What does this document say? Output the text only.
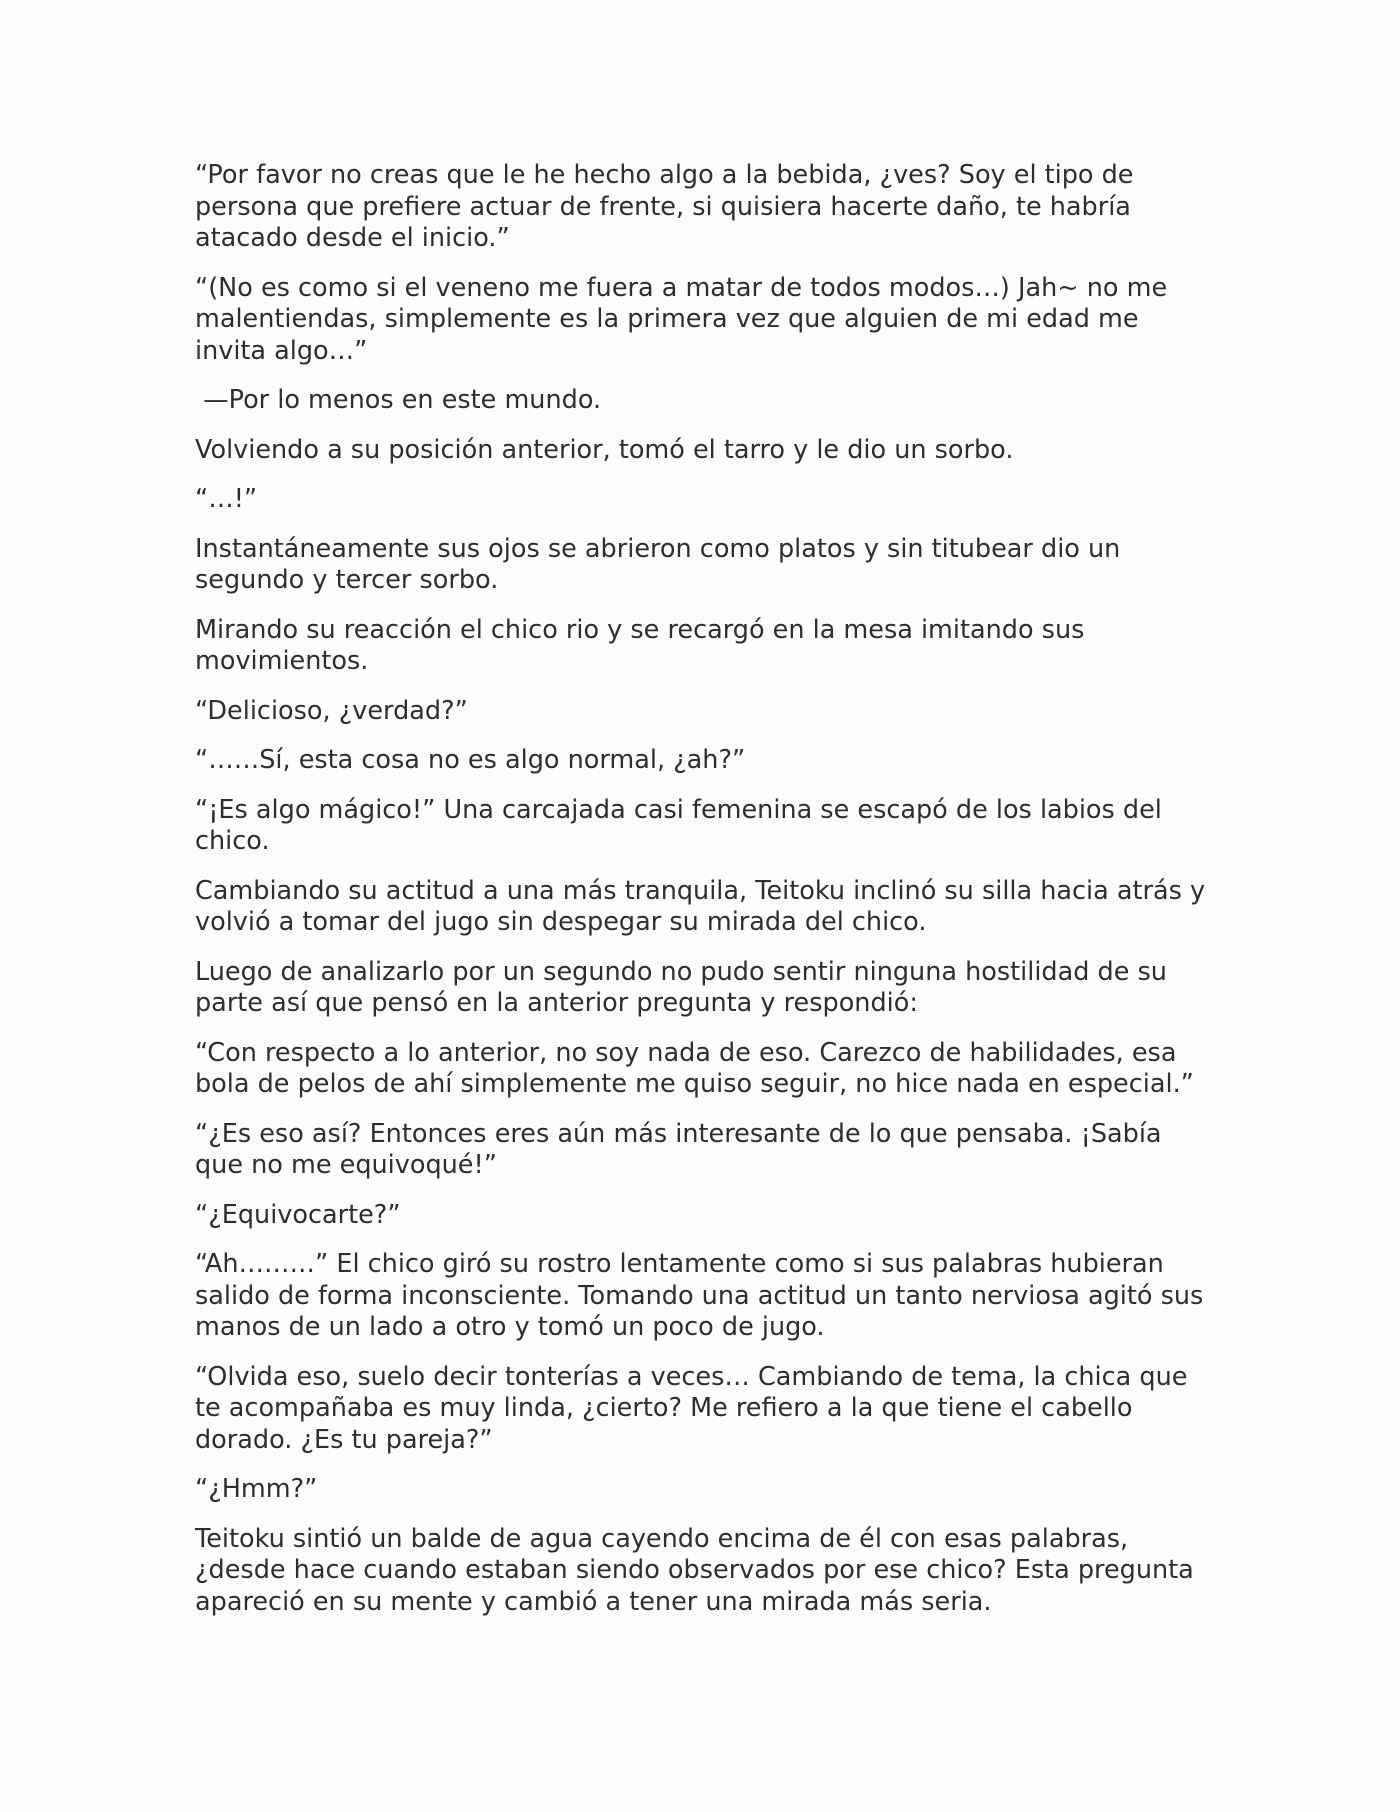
“Por favor no creas que le he hecho algo a la bebida, ¿ves? Soy el tipo de persona que prefiere actuar de frente, si quisiera hacerte daño, te habría atacado desde el inicio.”

“(No es como si el veneno me fuera a matar de todos modos…) Jah~ no me malentiendas, simplemente es la primera vez que alguien de mi edad me invita algo…”

—Por lo menos en este mundo.

Volviendo a su posición anterior, tomó el tarro y le dio un sorbo.

“…!”

Instantáneamente sus ojos se abrieron como platos y sin titubear dio un segundo y tercer sorbo.

Mirando su reacción el chico rio y se recargó en la mesa imitando sus movimientos.

“Delicioso, ¿verdad?”

“……Sí, esta cosa no es algo normal, ¿ah?”

“¡Es algo mágico!” Una carcajada casi femenina se escapó de los labios del chico.

Cambiando su actitud a una más tranquila, Teitoku inclinó su silla hacia atrás y volvió a tomar del jugo sin despegar su mirada del chico.

Luego de analizarlo por un segundo no pudo sentir ninguna hostilidad de su parte así que pensó en la anterior pregunta y respondió:

“Con respecto a lo anterior, no soy nada de eso. Carezco de habilidades, esa bola de pelos de ahí simplemente me quiso seguir, no hice nada en especial.”

“¿Es eso así? Entonces eres aún más interesante de lo que pensaba. ¡Sabía que no me equivoqué!”

“¿Equivocarte?”

“Ah………” El chico giró su rostro lentamente como si sus palabras hubieran salido de forma inconsciente. Tomando una actitud un tanto nerviosa agitó sus manos de un lado a otro y tomó un poco de jugo.

“Olvida eso, suelo decir tonterías a veces… Cambiando de tema, la chica que te acompañaba es muy linda, ¿cierto? Me refiero a la que tiene el cabello dorado. ¿Es tu pareja?”

“¿Hmm?”

Teitoku sintió un balde de agua cayendo encima de él con esas palabras, ¿desde hace cuando estaban siendo observados por ese chico? Esta pregunta apareció en su mente y cambió a tener una mirada más seria.
